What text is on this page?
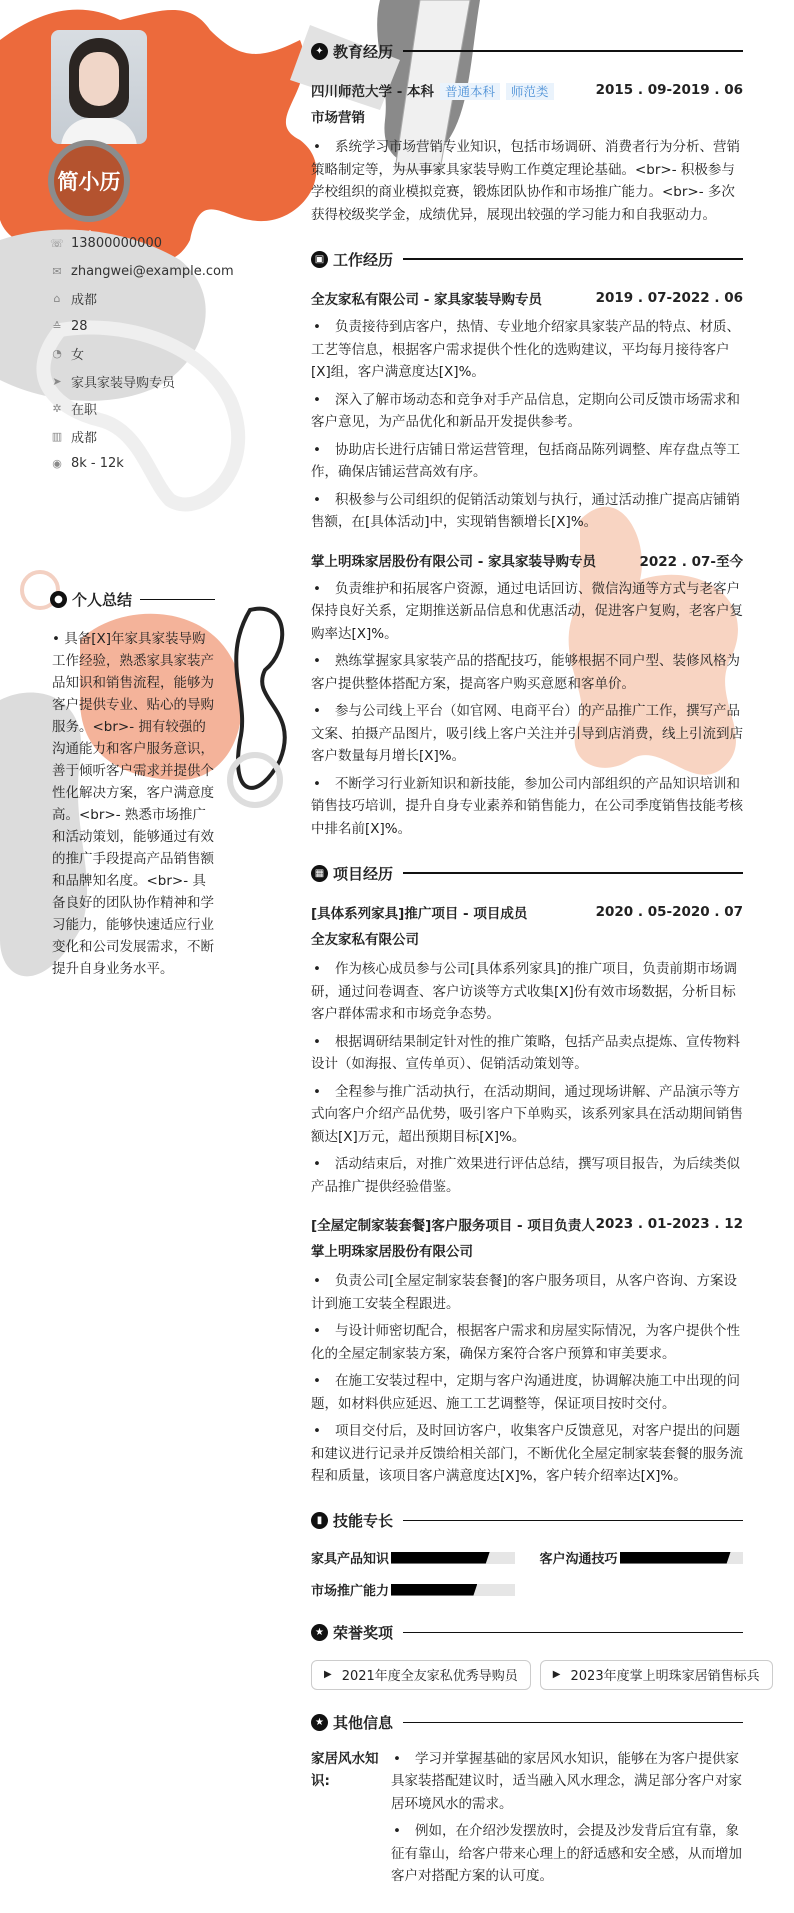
简小历
☏ 13800000000
✉ zhangwei@example.com
⌂ 成都
≙ 28
◔ 女
➤ 家具家装导购专员
✲ 在职
▥ 成都
◉ 8k - 12k
● 个人总结
• 具备[X]年家具家装导购工作经验，熟悉家具家装产品知识和销售流程，能够为客户提供专业、贴心的导购服务。<br>- 拥有较强的沟通能力和客户服务意识，善于倾听客户需求并提供个性化解决方案，客户满意度高。<br>- 熟悉市场推广和活动策划，能够通过有效的推广手段提高产品销售额和品牌知名度。<br>- 具备良好的团队协作精神和学习能力，能够快速适应行业变化和公司发展需求，不断提升自身业务水平。
✦ 教育经历
四川师范大学 - 本科 普通本科 师范类	2015 . 09-2019 . 06
市场营销
• 系统学习市场营销专业知识，包括市场调研、消费者行为分析、营销策略制定等，为从事家具家装导购工作奠定理论基础。<br>- 积极参与学校组织的商业模拟竞赛，锻炼团队协作和市场推广能力。<br>- 多次获得校级奖学金，成绩优异，展现出较强的学习能力和自我驱动力。
▣ 工作经历
全友家私有限公司 - 家具家装导购专员	2019 . 07-2022 . 06
• 负责接待到店客户，热情、专业地介绍家具家装产品的特点、材质、工艺等信息，根据客户需求提供个性化的选购建议，平均每月接待客户[X]组，客户满意度达[X]%。
• 深入了解市场动态和竞争对手产品信息，定期向公司反馈市场需求和客户意见，为产品优化和新品开发提供参考。
• 协助店长进行店铺日常运营管理，包括商品陈列调整、库存盘点等工作，确保店铺运营高效有序。
• 积极参与公司组织的促销活动策划与执行，通过活动推广提高店铺销售额，在[具体活动]中，实现销售额增长[X]%。
掌上明珠家居股份有限公司 - 家具家装导购专员	2022 . 07-至今
• 负责维护和拓展客户资源，通过电话回访、微信沟通等方式与老客户保持良好关系，定期推送新品信息和优惠活动，促进客户复购，老客户复购率达[X]%。
• 熟练掌握家具家装产品的搭配技巧，能够根据不同户型、装修风格为客户提供整体搭配方案，提高客户购买意愿和客单价。
• 参与公司线上平台（如官网、电商平台）的产品推广工作，撰写产品文案、拍摄产品图片，吸引线上客户关注并引导到店消费，线上引流到店客户数量每月增长[X]%。
• 不断学习行业新知识和新技能，参加公司内部组织的产品知识培训和销售技巧培训，提升自身专业素养和销售能力，在公司季度销售技能考核中排名前[X]%。
▦ 项目经历
[具体系列家具]推广项目 - 项目成员	2020 . 05-2020 . 07
全友家私有限公司
• 作为核心成员参与公司[具体系列家具]的推广项目，负责前期市场调研，通过问卷调查、客户访谈等方式收集[X]份有效市场数据，分析目标客户群体需求和市场竞争态势。
• 根据调研结果制定针对性的推广策略，包括产品卖点提炼、宣传物料设计（如海报、宣传单页）、促销活动策划等。
• 全程参与推广活动执行，在活动期间，通过现场讲解、产品演示等方式向客户介绍产品优势，吸引客户下单购买，该系列家具在活动期间销售额达[X]万元，超出预期目标[X]%。
• 活动结束后，对推广效果进行评估总结，撰写项目报告，为后续类似产品推广提供经验借鉴。
[全屋定制家装套餐]客户服务项目 - 项目负责人 2023 . 01-2023 . 12
掌上明珠家居股份有限公司
• 负责公司[全屋定制家装套餐]的客户服务项目，从客户咨询、方案设计到施工安装全程跟进。
• 与设计师密切配合，根据客户需求和房屋实际情况，为客户提供个性化的全屋定制家装方案，确保方案符合客户预算和审美要求。
• 在施工安装过程中，定期与客户沟通进度，协调解决施工中出现的问题，如材料供应延迟、施工工艺调整等，保证项目按时交付。
• 项目交付后，及时回访客户，收集客户反馈意见，对客户提出的问题和建议进行记录并反馈给相关部门，不断优化全屋定制家装套餐的服务流程和质量，该项目客户满意度达[X]%，客户转介绍率达[X]%。
▮ 技能专长
家具产品知识	客户沟通技巧
市场推广能力
★ 荣誉奖项
▶ 2021年度全友家私优秀导购员	▶ 2023年度掌上明珠家居销售标兵
★ 其他信息
家居风水知识:
• 学习并掌握基础的家居风水知识，能够在为客户提供家具家装搭配建议时，适当融入风水理念，满足部分客户对家居环境风水的需求。
• 例如，在介绍沙发摆放时，会提及沙发背后宜有靠，象征有靠山，给客户带来心理上的舒适感和安全感，从而增加客户对搭配方案的认可度。
